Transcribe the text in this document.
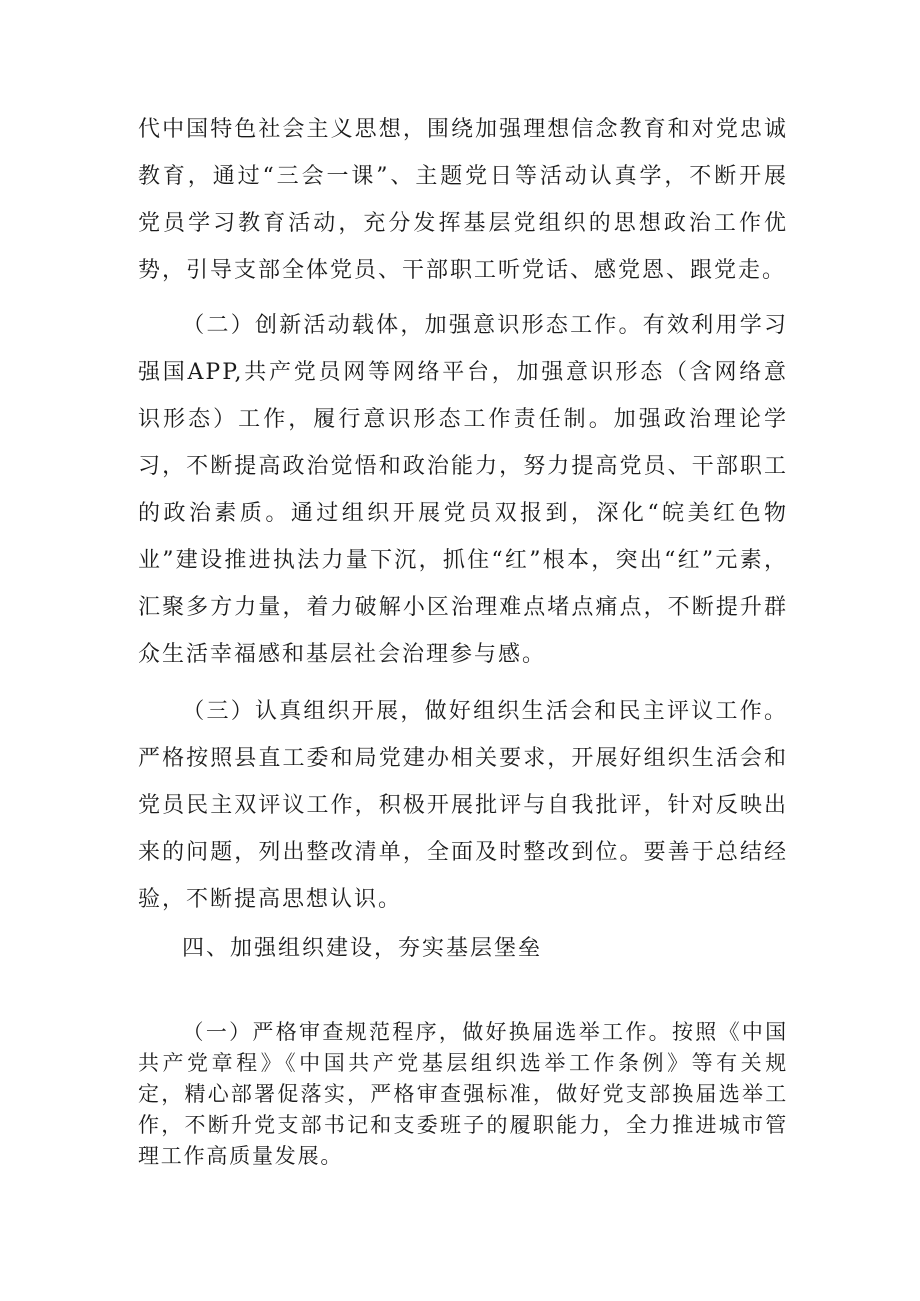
代中国特色社会主义思想，围绕加强理想信念教育和对党忠诚教育，通过“三会一课”、主题党日等活动认真学，不断开展党员学习教育活动，充分发挥基层党组织的思想政治工作优势，引导支部全体党员、干部职工听党话、感党恩、跟党走。

（二）创新活动载体，加强意识形态工作。有效利用学习强国APP,共产党员网等网络平台，加强意识形态（含网络意识形态）工作，履行意识形态工作责任制。加强政治理论学习，不断提高政治觉悟和政治能力，努力提高党员、干部职工的政治素质。通过组织开展党员双报到，深化“皖美红色物业”建设推进执法力量下沉，抓住“红”根本，突出“红”元素，汇聚多方力量，着力破解小区治理难点堵点痛点，不断提升群众生活幸福感和基层社会治理参与感。

（三）认真组织开展，做好组织生活会和民主评议工作。严格按照县直工委和局党建办相关要求，开展好组织生活会和党员民主双评议工作，积极开展批评与自我批评，针对反映出来的问题，列出整改清单，全面及时整改到位。要善于总结经验，不断提高思想认识。

四、加强组织建设，夯实基层堡垒

（一）严格审查规范程序，做好换届选举工作。按照《中国共产党章程》《中国共产党基层组织选举工作条例》等有关规定，精心部署促落实，严格审查强标准，做好党支部换届选举工作，不断升党支部书记和支委班子的履职能力，全力推进城市管理工作高质量发展。
